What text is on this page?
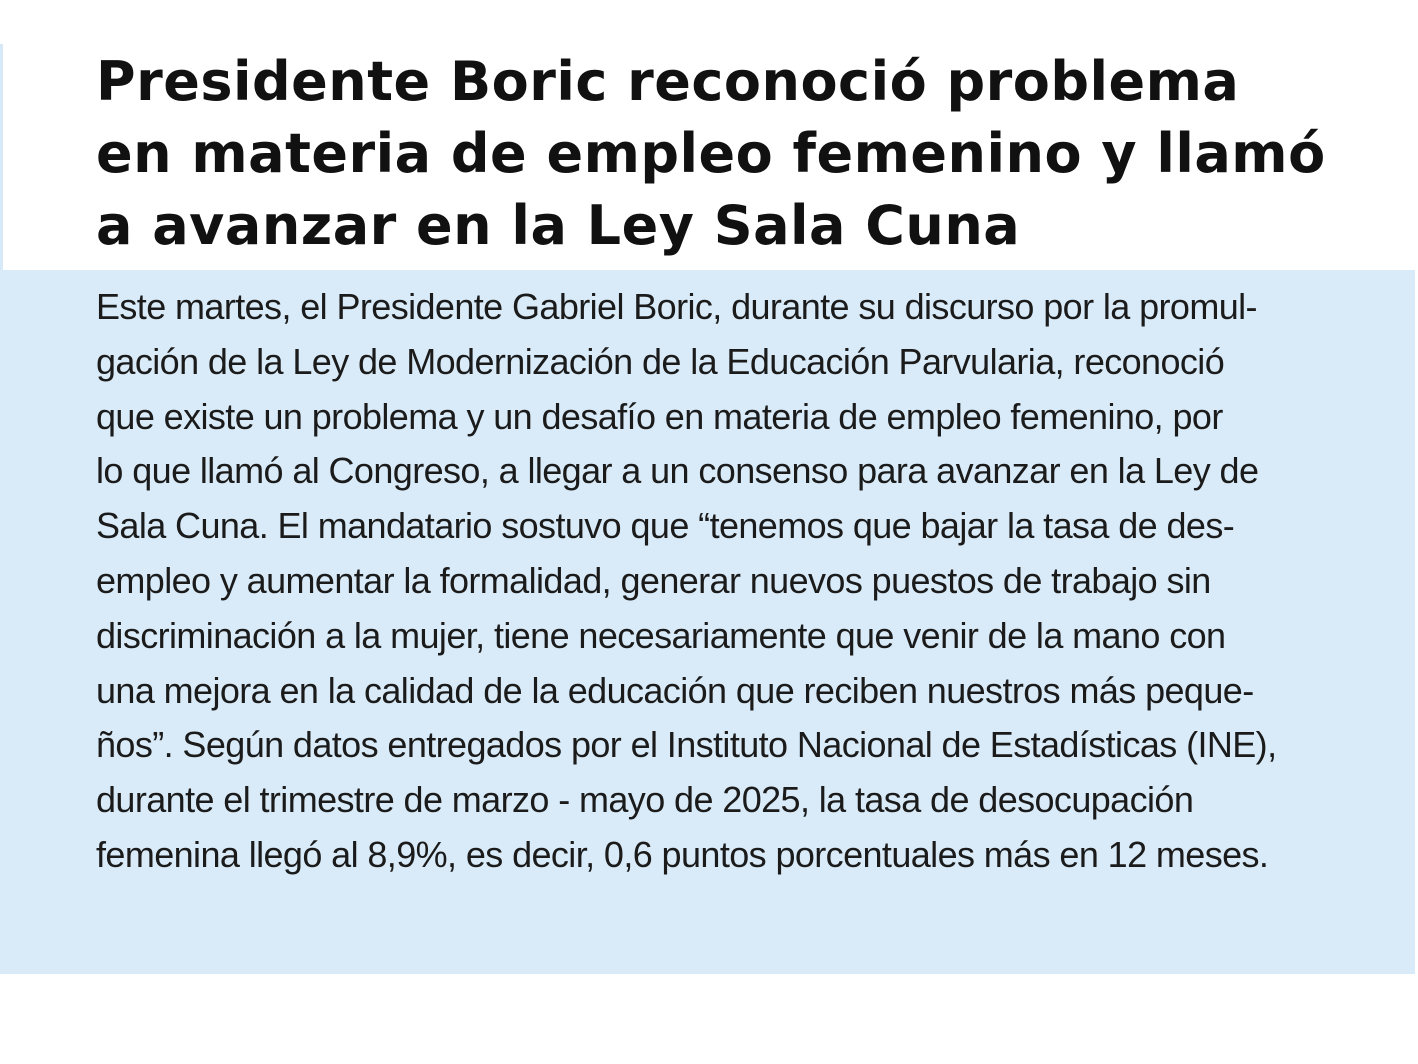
Presidente Boric reconoció problema
en materia de empleo femenino y llamó
a avanzar en la Ley Sala Cuna

Este martes, el Presidente Gabriel Boric, durante su discurso por la promul-
gación de la Ley de Modernización de la Educación Parvularia, reconoció
que existe un problema y un desafío en materia de empleo femenino, por
lo que llamó al Congreso, a llegar a un consenso para avanzar en la Ley de
Sala Cuna. El mandatario sostuvo que “tenemos que bajar la tasa de des-
empleo y aumentar la formalidad, generar nuevos puestos de trabajo sin
discriminación a la mujer, tiene necesariamente que venir de la mano con
una mejora en la calidad de la educación que reciben nuestros más peque-
ños”. Según datos entregados por el Instituto Nacional de Estadísticas (INE),
durante el trimestre de marzo - mayo de 2025, la tasa de desocupación
femenina llegó al 8,9%, es decir, 0,6 puntos porcentuales más en 12 meses.
